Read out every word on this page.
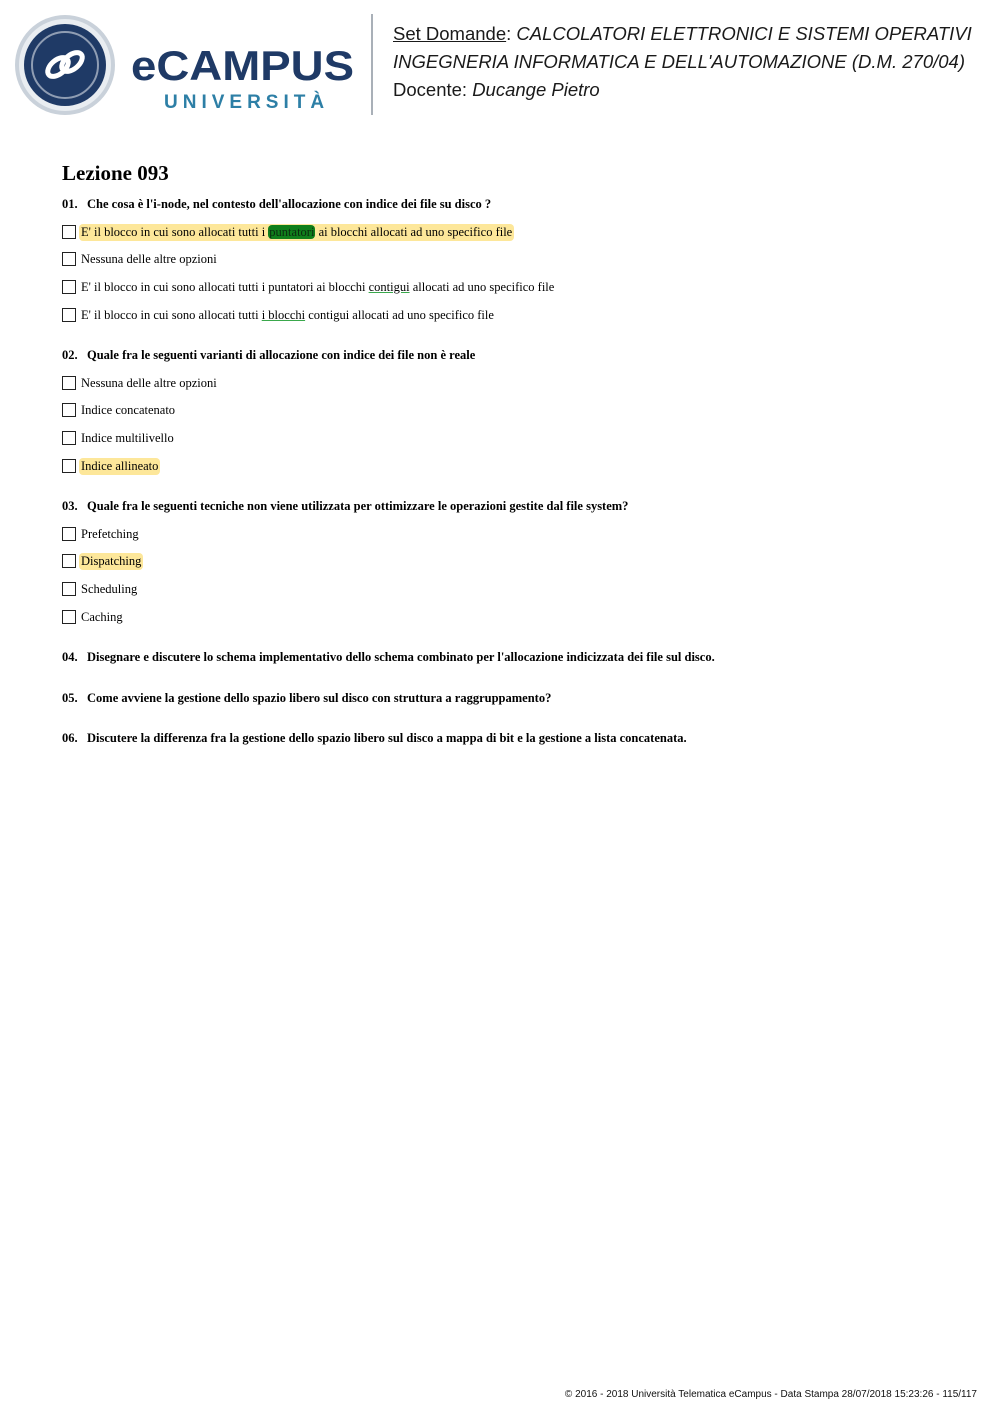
eCAMPUS
UNIVERSITÀ
Set Domande: CALCOLATORI ELETTRONICI E SISTEMI OPERATIVI
INGEGNERIA INFORMATICA E DELL'AUTOMAZIONE (D.M. 270/04)
Docente: Ducange Pietro
Lezione 093
01. Che cosa è l'i-node, nel contesto dell'allocazione con indice dei file su disco ?
E' il blocco in cui sono allocati tutti i puntatori ai blocchi allocati ad uno specifico file
Nessuna delle altre opzioni
E' il blocco in cui sono allocati tutti i puntatori ai blocchi contigui allocati ad uno specifico file
E' il blocco in cui sono allocati tutti i blocchi contigui allocati ad uno specifico file
02. Quale fra le seguenti varianti di allocazione con indice dei file non è reale
Nessuna delle altre opzioni
Indice concatenato
Indice multilivello
Indice allineato
03. Quale fra le seguenti tecniche non viene utilizzata per ottimizzare le operazioni gestite dal file system?
Prefetching
Dispatching
Scheduling
Caching
04. Disegnare e discutere lo schema implementativo dello schema combinato per l'allocazione indicizzata dei file sul disco.
05. Come avviene la gestione dello spazio libero sul disco con struttura a raggruppamento?
06. Discutere la differenza fra la gestione dello spazio libero sul disco a mappa di bit e la gestione a lista concatenata.
© 2016 - 2018 Università Telematica eCampus - Data Stampa 28/07/2018 15:23:26 - 115/117
